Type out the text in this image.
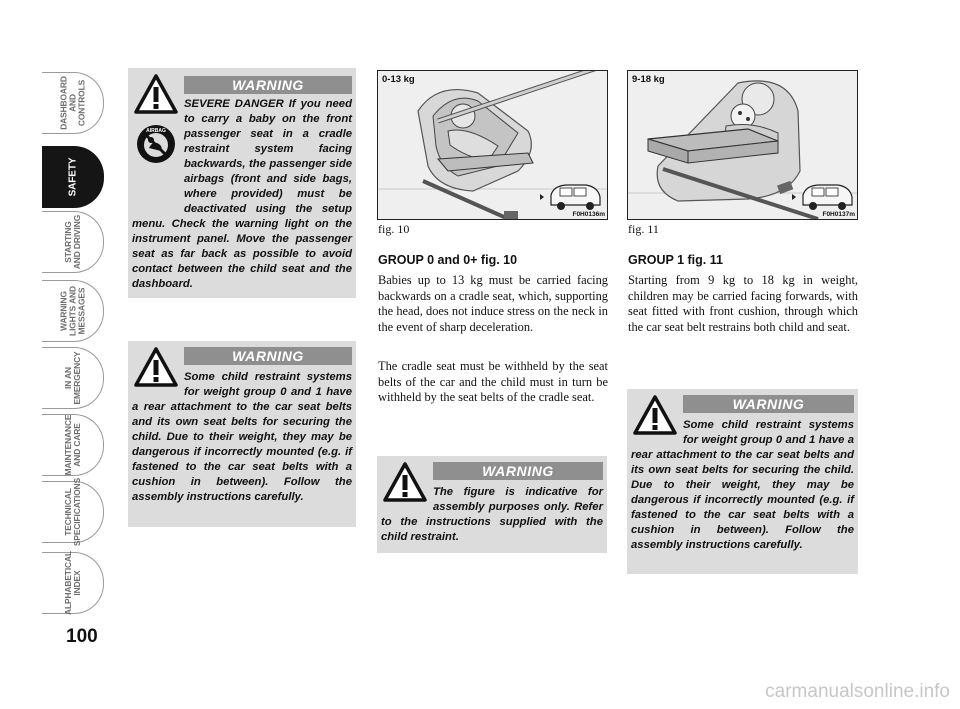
DASHBOARD
AND
CONTROLS
SAFETY
STARTING
AND DRIVING
WARNING
LIGHTS AND
MESSAGES
IN AN
EMERGENCY
MAINTENANCE
AND CARE
TECHNICAL
SPECIFICATIONS
ALPHABETICAL
INDEX
100
AIRBAG
WARNING
SEVERE DANGER If you need to carry a baby on the front passenger seat in a cradle restraint system facing backwards, the passenger side airbags (front and side bags, where provided) must be deactivated using the setup menu. Check the warning light on the instrument panel. Move the passenger seat as far back as possible to avoid contact between the child seat and the dashboard.
WARNING
Some child restraint systems for weight group 0 and 1 have a rear attachment to the car seat belts and its own seat belts for securing the child. Due to their weight, they may be dangerous if incorrectly mounted (e.g. if fastened to the car seat belts with a cushion in between). Follow the assembly instructions carefully.
0-13 kg
F0H0136m
fig. 10
9-18 kg
F0H0137m
fig. 11
GROUP 0 and 0+ fig. 10

Babies up to 13 kg must be carried facing backwards on a cradle seat, which, supporting the head, does not induce stress on the neck in the event of sharp deceleration.

The cradle seat must be withheld by the seat belts of the car and the child must in turn be withheld by the seat belts of the cradle seat.

WARNING
The figure is indicative for assembly purposes only. Refer to the instructions supplied with the child restraint.
GROUP 1 fig. 11

Starting from 9 kg to 18 kg in weight, children may be carried facing forwards, with seat fitted with front cushion, through which the car seat belt restrains both child and seat.

WARNING
Some child restraint systems for weight group 0 and 1 have a rear attachment to the car seat belts and its own seat belts for securing the child. Due to their weight, they may be dangerous if incorrectly mounted (e.g. if fastened to the car seat belts with a cushion in between). Follow the assembly instructions carefully.
carmanualsonline.info
